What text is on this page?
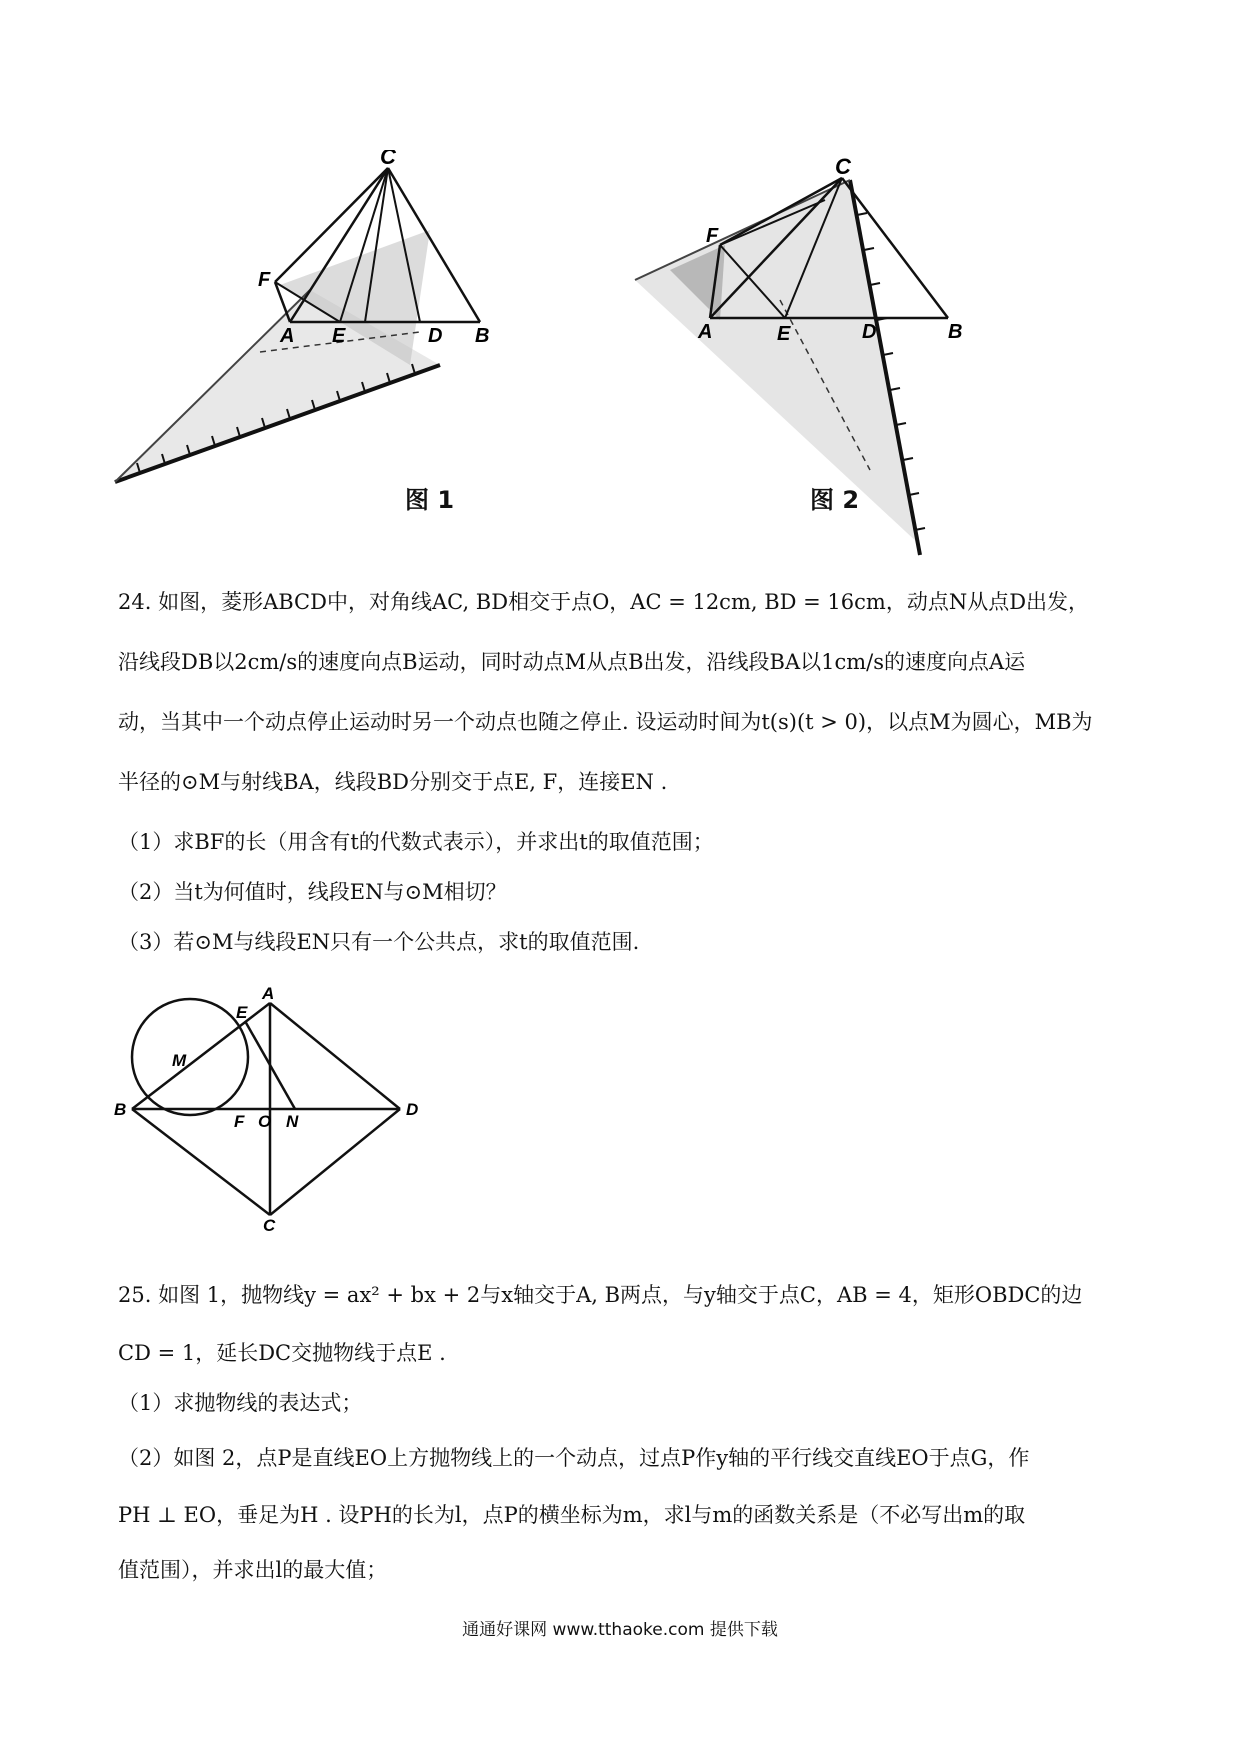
C
F
A E	D B
图 1
C
F
A	E	D	B
图 2
24. 如图，菱形ABCD中，对角线AC, BD相交于点O，AC = 12cm, BD = 16cm，动点N从点D出发，
沿线段DB以2cm/s的速度向点B运动，同时动点M从点B出发，沿线段BA以1cm/s的速度向点A运
动，当其中一个动点停止运动时另一个动点也随之停止. 设运动时间为t(s)(t > 0)，以点M为圆心，MB为
半径的⊙M与射线BA，线段BD分别交于点E, F，连接EN .
（1）求BF的长（用含有t的代数式表示），并求出t的取值范围；
（2）当t为何值时，线段EN与⊙M相切？
（3）若⊙M与线段EN只有一个公共点，求t的取值范围.
A
E
M
B
F O N
D
C
25. 如图 1，抛物线y = ax² + bx + 2与x轴交于A, B两点，与y轴交于点C，AB = 4，矩形OBDC的边
CD = 1，延长DC交抛物线于点E .
（1）求抛物线的表达式；
（2）如图 2，点P是直线EO上方抛物线上的一个动点，过点P作y轴的平行线交直线EO于点G，作
PH ⊥ EO，垂足为H . 设PH的长为l，点P的横坐标为m，求l与m的函数关系是（不必写出m的取
值范围），并求出l的最大值；
通通好课网 www.tthaoke.com 提供下载
